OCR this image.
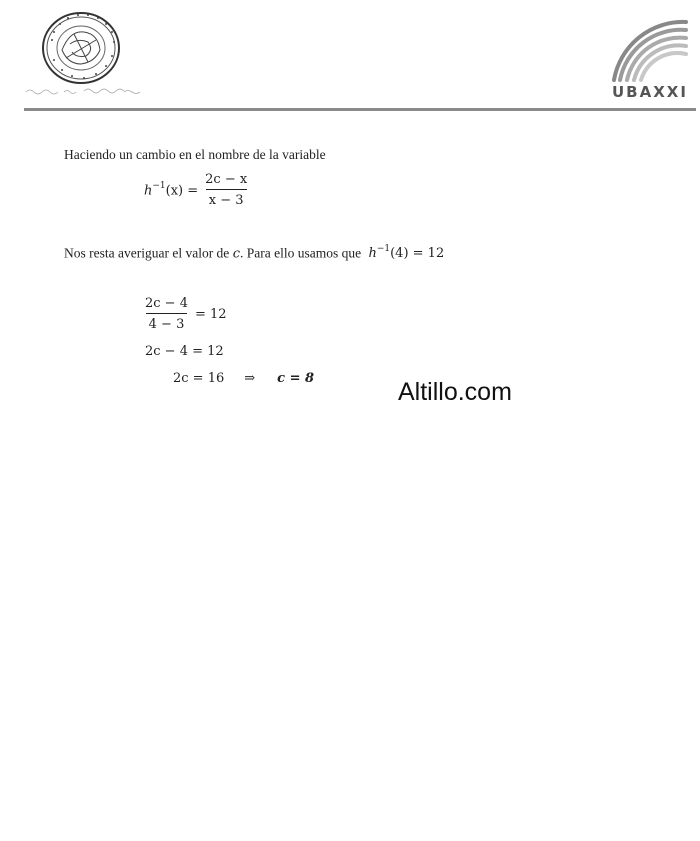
UBAXXI
Haciendo un cambio en el nombre de la variable
$h^{-1}(x) = \frac{2c - x}{x - 3}$
Nos resta averiguar el valor de c. Para ello usamos que $h^{-1}(4) = 12$
$\frac{2c - 4}{4 - 3} = 12$
2c − 4 = 12
2c = 16 ⇒ c = 8	Altillo.com
